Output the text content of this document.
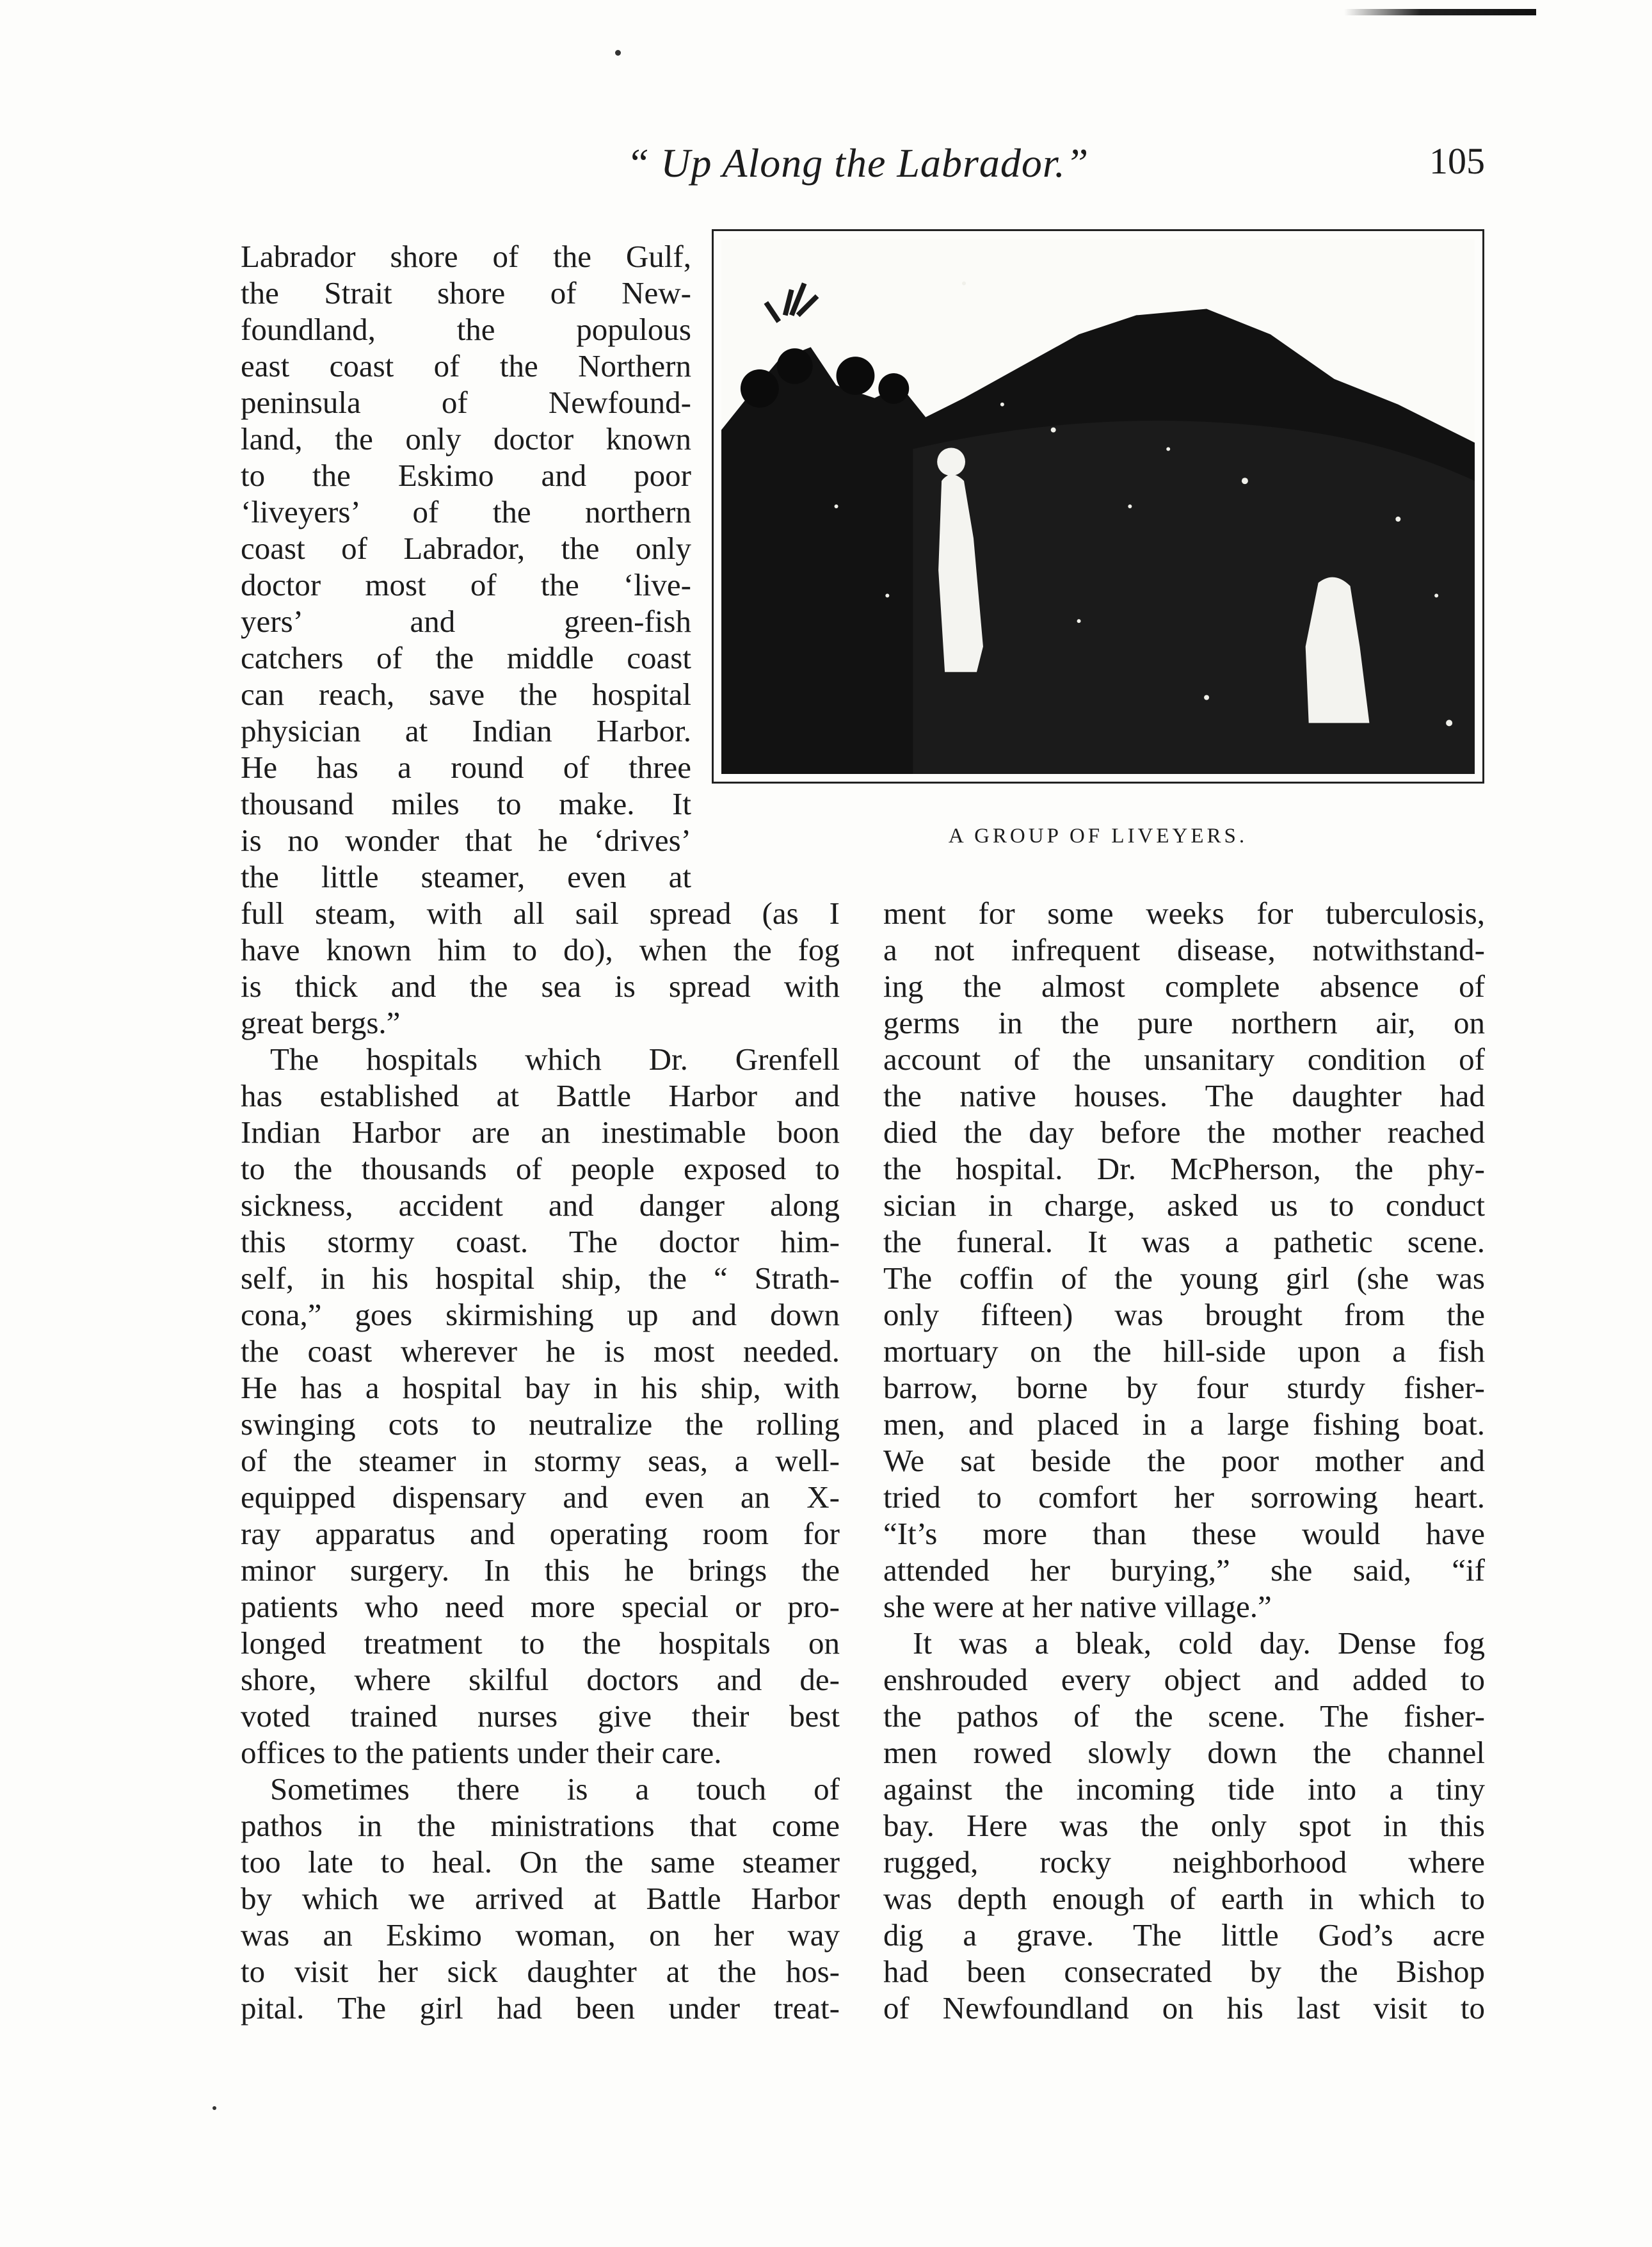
“ Up Along the Labrador.”	105
A GROUP OF LIVEYERS.
Labrador shore of the Gulf,
the Strait shore of New-
foundland, the populous
east coast of the Northern
peninsula of Newfound-
land, the only doctor known
to the Eskimo and poor
‘liveyers’ of the northern
coast of Labrador, the only
doctor most of the ‘live-
yers’ and green-fish
catchers of the middle coast
can reach, save the hospital
physician at Indian Harbor.
He has a round of three
thousand miles to make. It
is no wonder that he ‘drives’
the little steamer, even at
full steam, with all sail spread (as I
have known him to do), when the fog
is thick and the sea is spread with
great bergs.”
The hospitals which Dr. Grenfell
has established at Battle Harbor and
Indian Harbor are an inestimable boon
to the thousands of people exposed to
sickness, accident and danger along
this stormy coast. The doctor him-
self, in his hospital ship, the “ Strath-
cona,” goes skirmishing up and down
the coast wherever he is most needed.
He has a hospital bay in his ship, with
swinging cots to neutralize the rolling
of the steamer in stormy seas, a well-
equipped dispensary and even an X-
ray apparatus and operating room for
minor surgery. In this he brings the
patients who need more special or pro-
longed treatment to the hospitals on
shore, where skilful doctors and de-
voted trained nurses give their best
offices to the patients under their care.
Sometimes there is a touch of
pathos in the ministrations that come
too late to heal. On the same steamer
by which we arrived at Battle Harbor
was an Eskimo woman, on her way
to visit her sick daughter at the hos-
pital. The girl had been under treat-
ment for some weeks for tuberculosis,
a not infrequent disease, notwithstand-
ing the almost complete absence of
germs in the pure northern air, on
account of the unsanitary condition of
the native houses. The daughter had
died the day before the mother reached
the hospital. Dr. McPherson, the phy-
sician in charge, asked us to conduct
the funeral. It was a pathetic scene.
The coffin of the young girl (she was
only fifteen) was brought from the
mortuary on the hill-side upon a fish
barrow, borne by four sturdy fisher-
men, and placed in a large fishing boat.
We sat beside the poor mother and
tried to comfort her sorrowing heart.
“It’s more than these would have
attended her burying,” she said, “if
she were at her native village.”
It was a bleak, cold day. Dense fog
enshrouded every object and added to
the pathos of the scene. The fisher-
men rowed slowly down the channel
against the incoming tide into a tiny
bay. Here was the only spot in this
rugged, rocky neighborhood where
was depth enough of earth in which to
dig a grave. The little God’s acre
had been consecrated by the Bishop
of Newfoundland on his last visit to
